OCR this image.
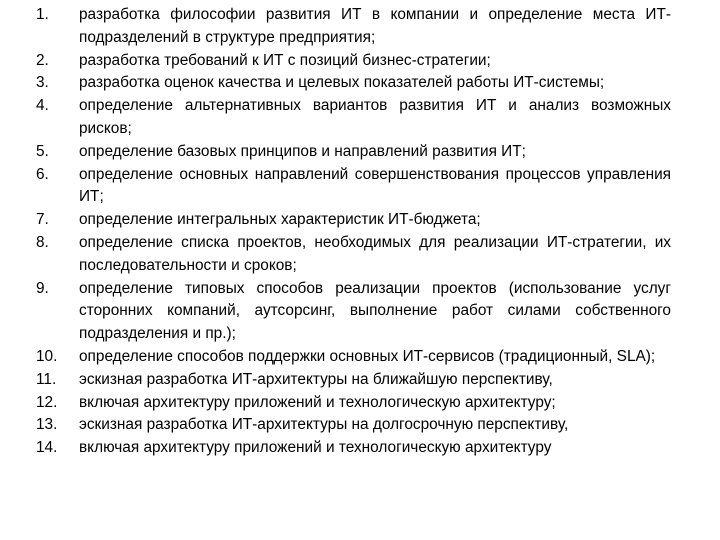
1.	разработка философии развития ИТ в компании и определение места ИТ-подразделений в структуре предприятия;
2.	разработка требований к ИТ с позиций бизнес-стратегии;
3.	разработка оценок качества и целевых показателей работы ИТ-системы;
4.	определение альтернативных вариантов развития ИТ и анализ возможных рисков;
5.	определение базовых принципов и направлений развития ИТ;
6.	определение основных направлений совершенствования процессов управления ИТ;
7.	определение интегральных характеристик ИТ-бюджета;
8.	определение списка проектов, необходимых для реализации ИТ-стратегии, их последовательности и сроков;
9.	определение типовых способов реализации проектов (использование услуг сторонних компаний, аутсорсинг, выполнение работ силами собственного подразделения и пр.);
10.	определение способов поддержки основных ИТ-сервисов (традиционный, SLA);
11.	эскизная разработка ИТ-архитектуры на ближайшую перспективу,
12.	включая архитектуру приложений и технологическую архитектуру;
13.	эскизная разработка ИТ-архитектуры на долгосрочную перспективу,
14.	включая архитектуру приложений и технологическую архитектуру
